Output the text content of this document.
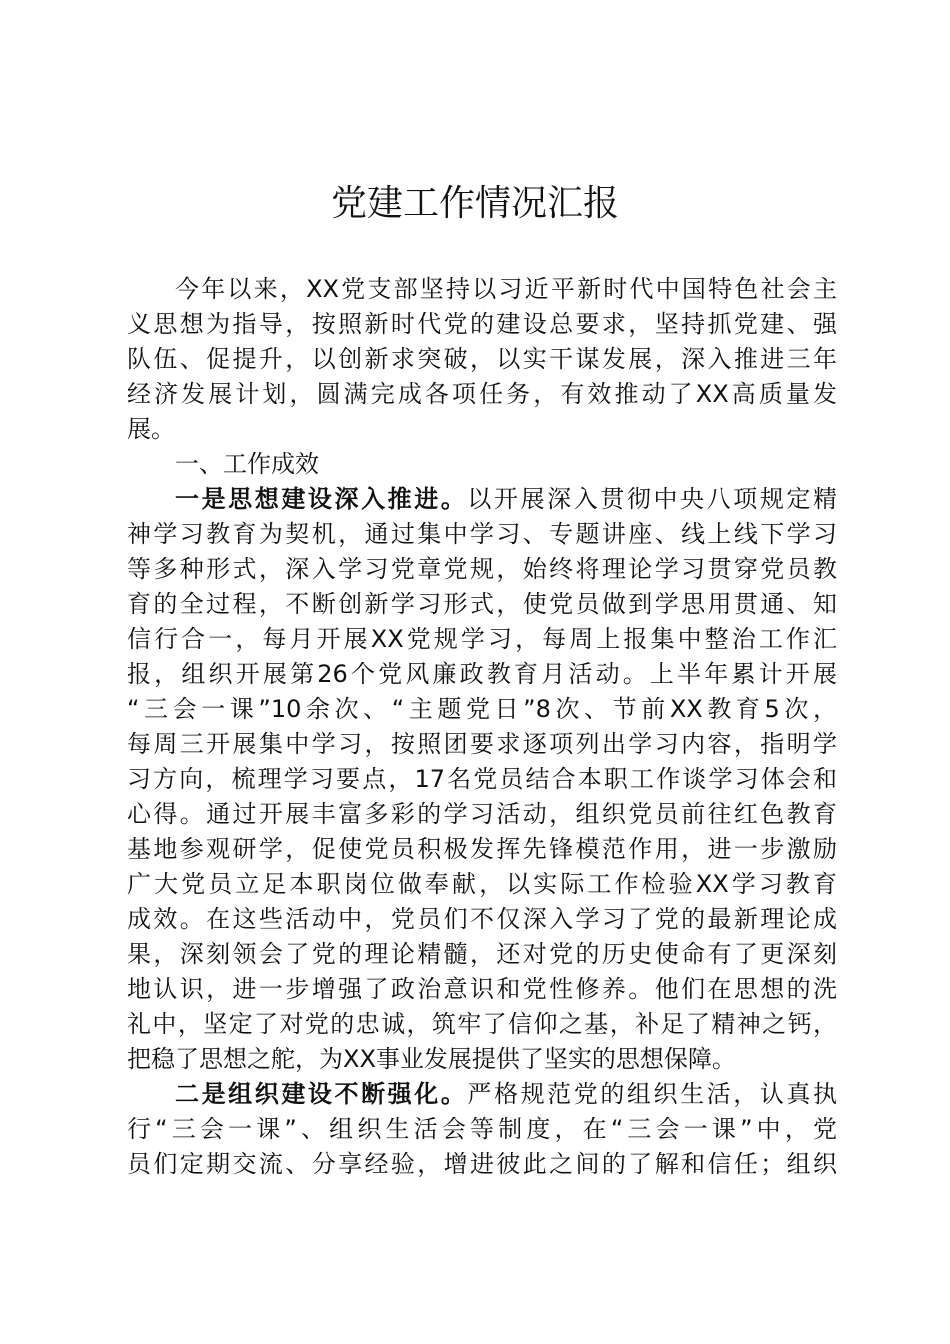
党建工作情况汇报
今年以来，XX党支部坚持以习近平新时代中国特色社会主
义思想为指导，按照新时代党的建设总要求，坚持抓党建、强
队伍、促提升，以创新求突破，以实干谋发展，深入推进三年
经济发展计划，圆满完成各项任务，有效推动了XX高质量发
展。
一、工作成效
一是思想建设深入推进。以开展深入贯彻中央八项规定精
神学习教育为契机，通过集中学习、专题讲座、线上线下学习
等多种形式，深入学习党章党规，始终将理论学习贯穿党员教
育的全过程，不断创新学习形式，使党员做到学思用贯通、知
信行合一，每月开展XX党规学习，每周上报集中整治工作汇
报，组织开展第26个党风廉政教育月活动。上半年累计开展
“三会一课”10余次、“主题党日”8次、节前XX教育5次，
每周三开展集中学习，按照团要求逐项列出学习内容，指明学
习方向，梳理学习要点，17名党员结合本职工作谈学习体会和
心得。通过开展丰富多彩的学习活动，组织党员前往红色教育
基地参观研学，促使党员积极发挥先锋模范作用，进一步激励
广大党员立足本职岗位做奉献，以实际工作检验XX学习教育
成效。在这些活动中，党员们不仅深入学习了党的最新理论成
果，深刻领会了党的理论精髓，还对党的历史使命有了更深刻
地认识，进一步增强了政治意识和党性修养。他们在思想的洗
礼中，坚定了对党的忠诚，筑牢了信仰之基，补足了精神之钙，
把稳了思想之舵，为XX事业发展提供了坚实的思想保障。
二是组织建设不断强化。严格规范党的组织生活，认真执
行“三会一课”、组织生活会等制度，在“三会一课”中，党
员们定期交流、分享经验，增进彼此之间的了解和信任；组织
